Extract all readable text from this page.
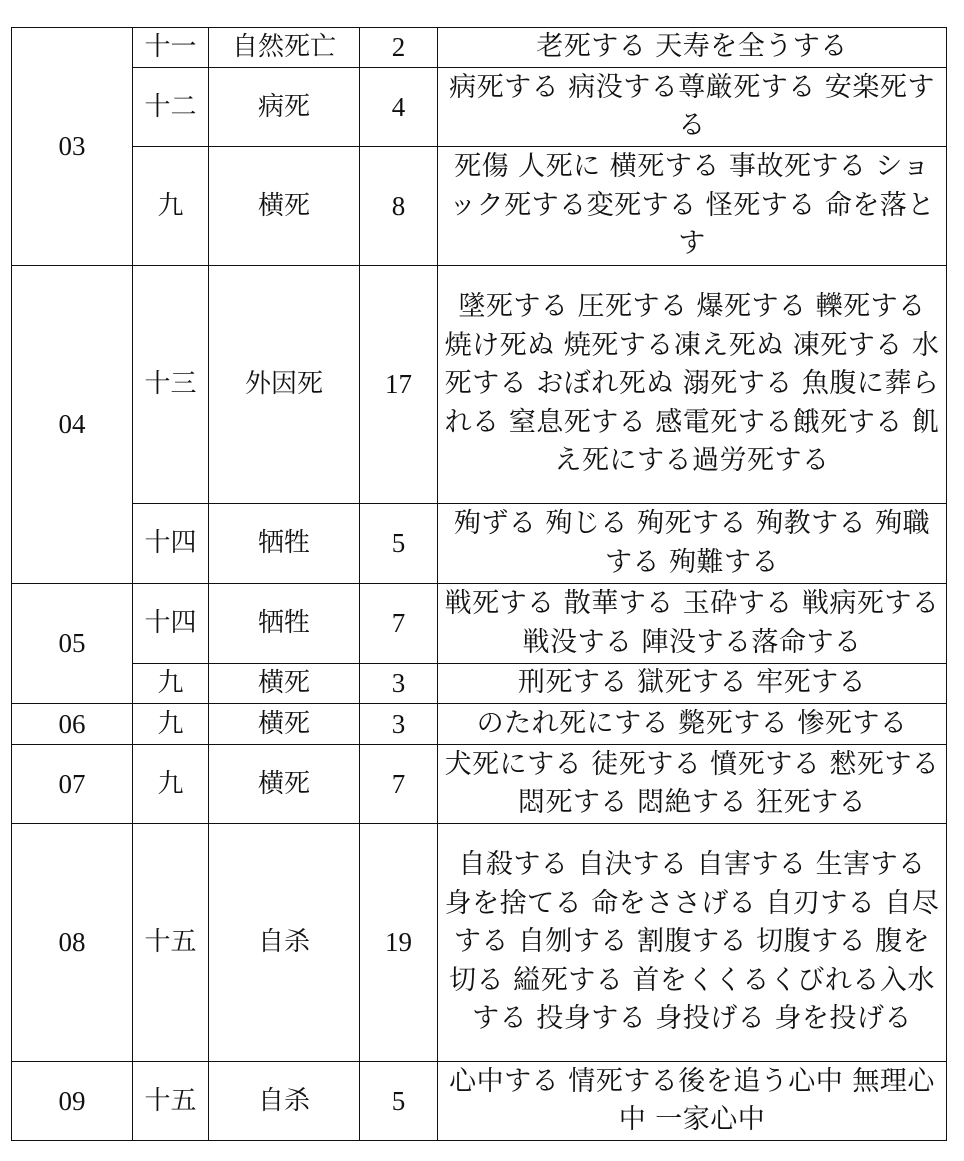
03	十一	自然死亡	2	老死する 天寿を全うする
	十二	病死	4	病死する 病没する尊厳死する 安楽死する
	九	横死	8	死傷 人死に 横死する 事故死する ショック死する変死する 怪死する 命を落とす
04	十三	外因死	17	墜死する 圧死する 爆死する 轢死する 焼け死ぬ 焼死する凍え死ぬ 凍死する 水死する おぼれ死ぬ 溺死する 魚腹に葬られる 窒息死する 感電死する餓死する 飢え死にする過労死する
	十四	牺牲	5	殉ずる 殉じる 殉死する 殉教する 殉職する 殉難する
05	十四	牺牲	7	戦死する 散華する 玉砕する 戦病死する 戦没する 陣没する落命する
	九	横死	3	刑死する 獄死する 牢死する
06	九	横死	3	のたれ死にする 斃死する 惨死する
07	九	横死	7	犬死にする 徒死する 憤死する 憖死する 悶死する 悶絶する 狂死する
08	十五	自杀	19	自殺する 自決する 自害する 生害する 身を捨てる 命をささげる 自刃する 自尽する 自刎する 割腹する 切腹する 腹を切る 縊死する 首をくくるくびれる入水する 投身する 身投げる 身を投げる
09	十五	自杀	5	心中する 情死する後を追う心中 無理心中 一家心中
